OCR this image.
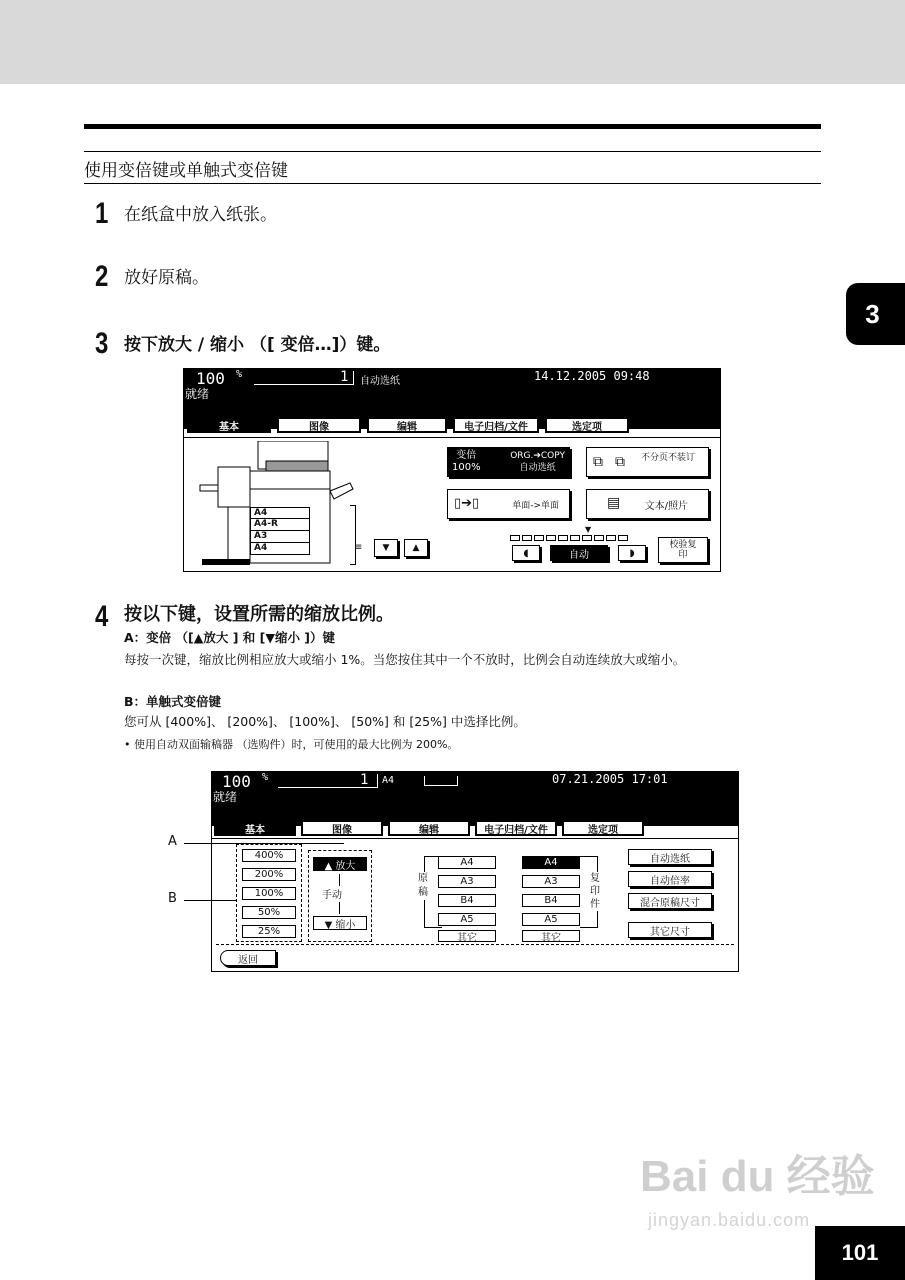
使用变倍键或单触式变倍键
3
1 在纸盒中放入纸张。
2 放好原稿。
3 按下放大 / 缩小 （[ 变倍…]）键。
100 %	1 自动选纸	14.12.2005 09:48
就绪
基本	图像	编辑	电子归档/文件	选定项
A4
A4-R
A3
A4	≡	▼	▲
变倍
100%
ORG.➔COPY
自动选纸	⧉ ⧉ 不分页不装订
▯➔▯	单面->单面	▤ 文本/照片
▼
◖	自动	◗
校验复印
4 按以下键，设置所需的缩放比例。
A：变倍 （[▲放大 ] 和 [▼缩小 ]）键
每按一次键，缩放比例相应放大或缩小 1%。当您按住其中一个不放时，比例会自动连续放大或缩小。
B：单触式变倍键
您可从 [400%]、 [200%]、 [100%]、 [50%] 和 [25%] 中选择比例。
• 使用自动双面输稿器 （选购件）时，可使用的最大比例为 200%。
100 %	1 A4	07.21.2005 17:01
就绪
基本	图像	编辑	电子归档/文件	选定项
400%
200%
100%
50%
25%
▲ 放大
手动
▼ 缩小
原稿
A4
A3
B4
A5
其它
A4
A3
B4
A5
其它
复印件
自动选纸
自动倍率
混合原稿尺寸
其它尺寸
返回
A
B
Bai du 经验
jingyan.baidu.com
101
